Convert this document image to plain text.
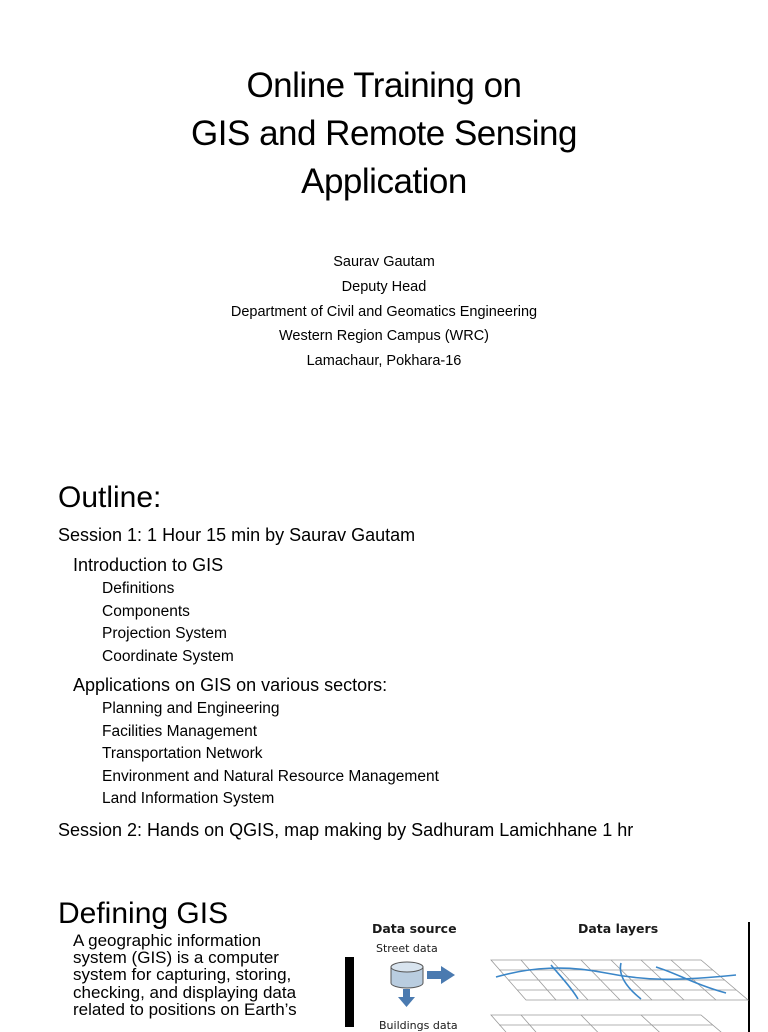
Online Training on
GIS and Remote Sensing
Application
Saurav Gautam
Deputy Head
Department of Civil and Geomatics Engineering
Western Region Campus (WRC)
Lamachaur, Pokhara-16
Outline:
Session 1: 1 Hour 15 min by Saurav Gautam
Introduction to GIS
Definitions
Components
Projection System
Coordinate System
Applications on GIS on various sectors:
Planning and Engineering
Facilities Management
Transportation Network
Environment and Natural Resource Management
Land Information System
Session 2: Hands on QGIS, map making by Sadhuram Lamichhane 1 hr
Defining GIS
A geographic information
system (GIS) is a computer
system for capturing, storing,
checking, and displaying data
related to positions on Earth’s
Data source	Data layers
Street data
Buildings data
